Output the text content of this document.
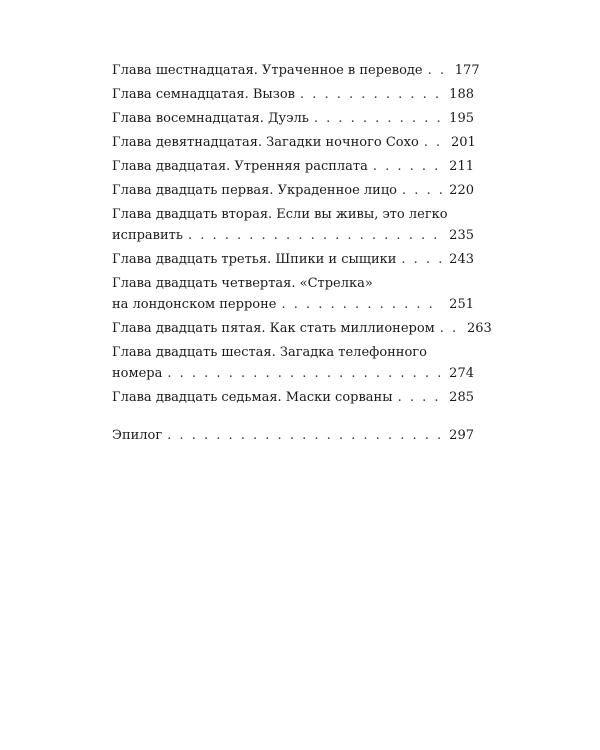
Глава шестнадцатая. Утраченное в переводе . . . 177
Глава семнадцатая. Вызов . . .	188
Глава восемнадцатая. Дуэль . . .	195
Глава девятнадцатая. Загадки ночного Сохо . . . 201
Глава двадцатая. Утренняя расплата . . .	211
Глава двадцать первая. Украденное лицо . . .	220
Глава двадцать вторая. Если вы живы, это легко
исправить . . .	235
Глава двадцать третья. Шпики и сыщики . . .	243
Глава двадцать четвертая. «Стрелка»
на лондонском перроне . . .	251
Глава двадцать пятая. Как стать миллионером . . . 263
Глава двадцать шестая. Загадка телефонного
номера . . .	274
Глава двадцать седьмая. Маски сорваны . . .	285
Эпилог . . .	297
